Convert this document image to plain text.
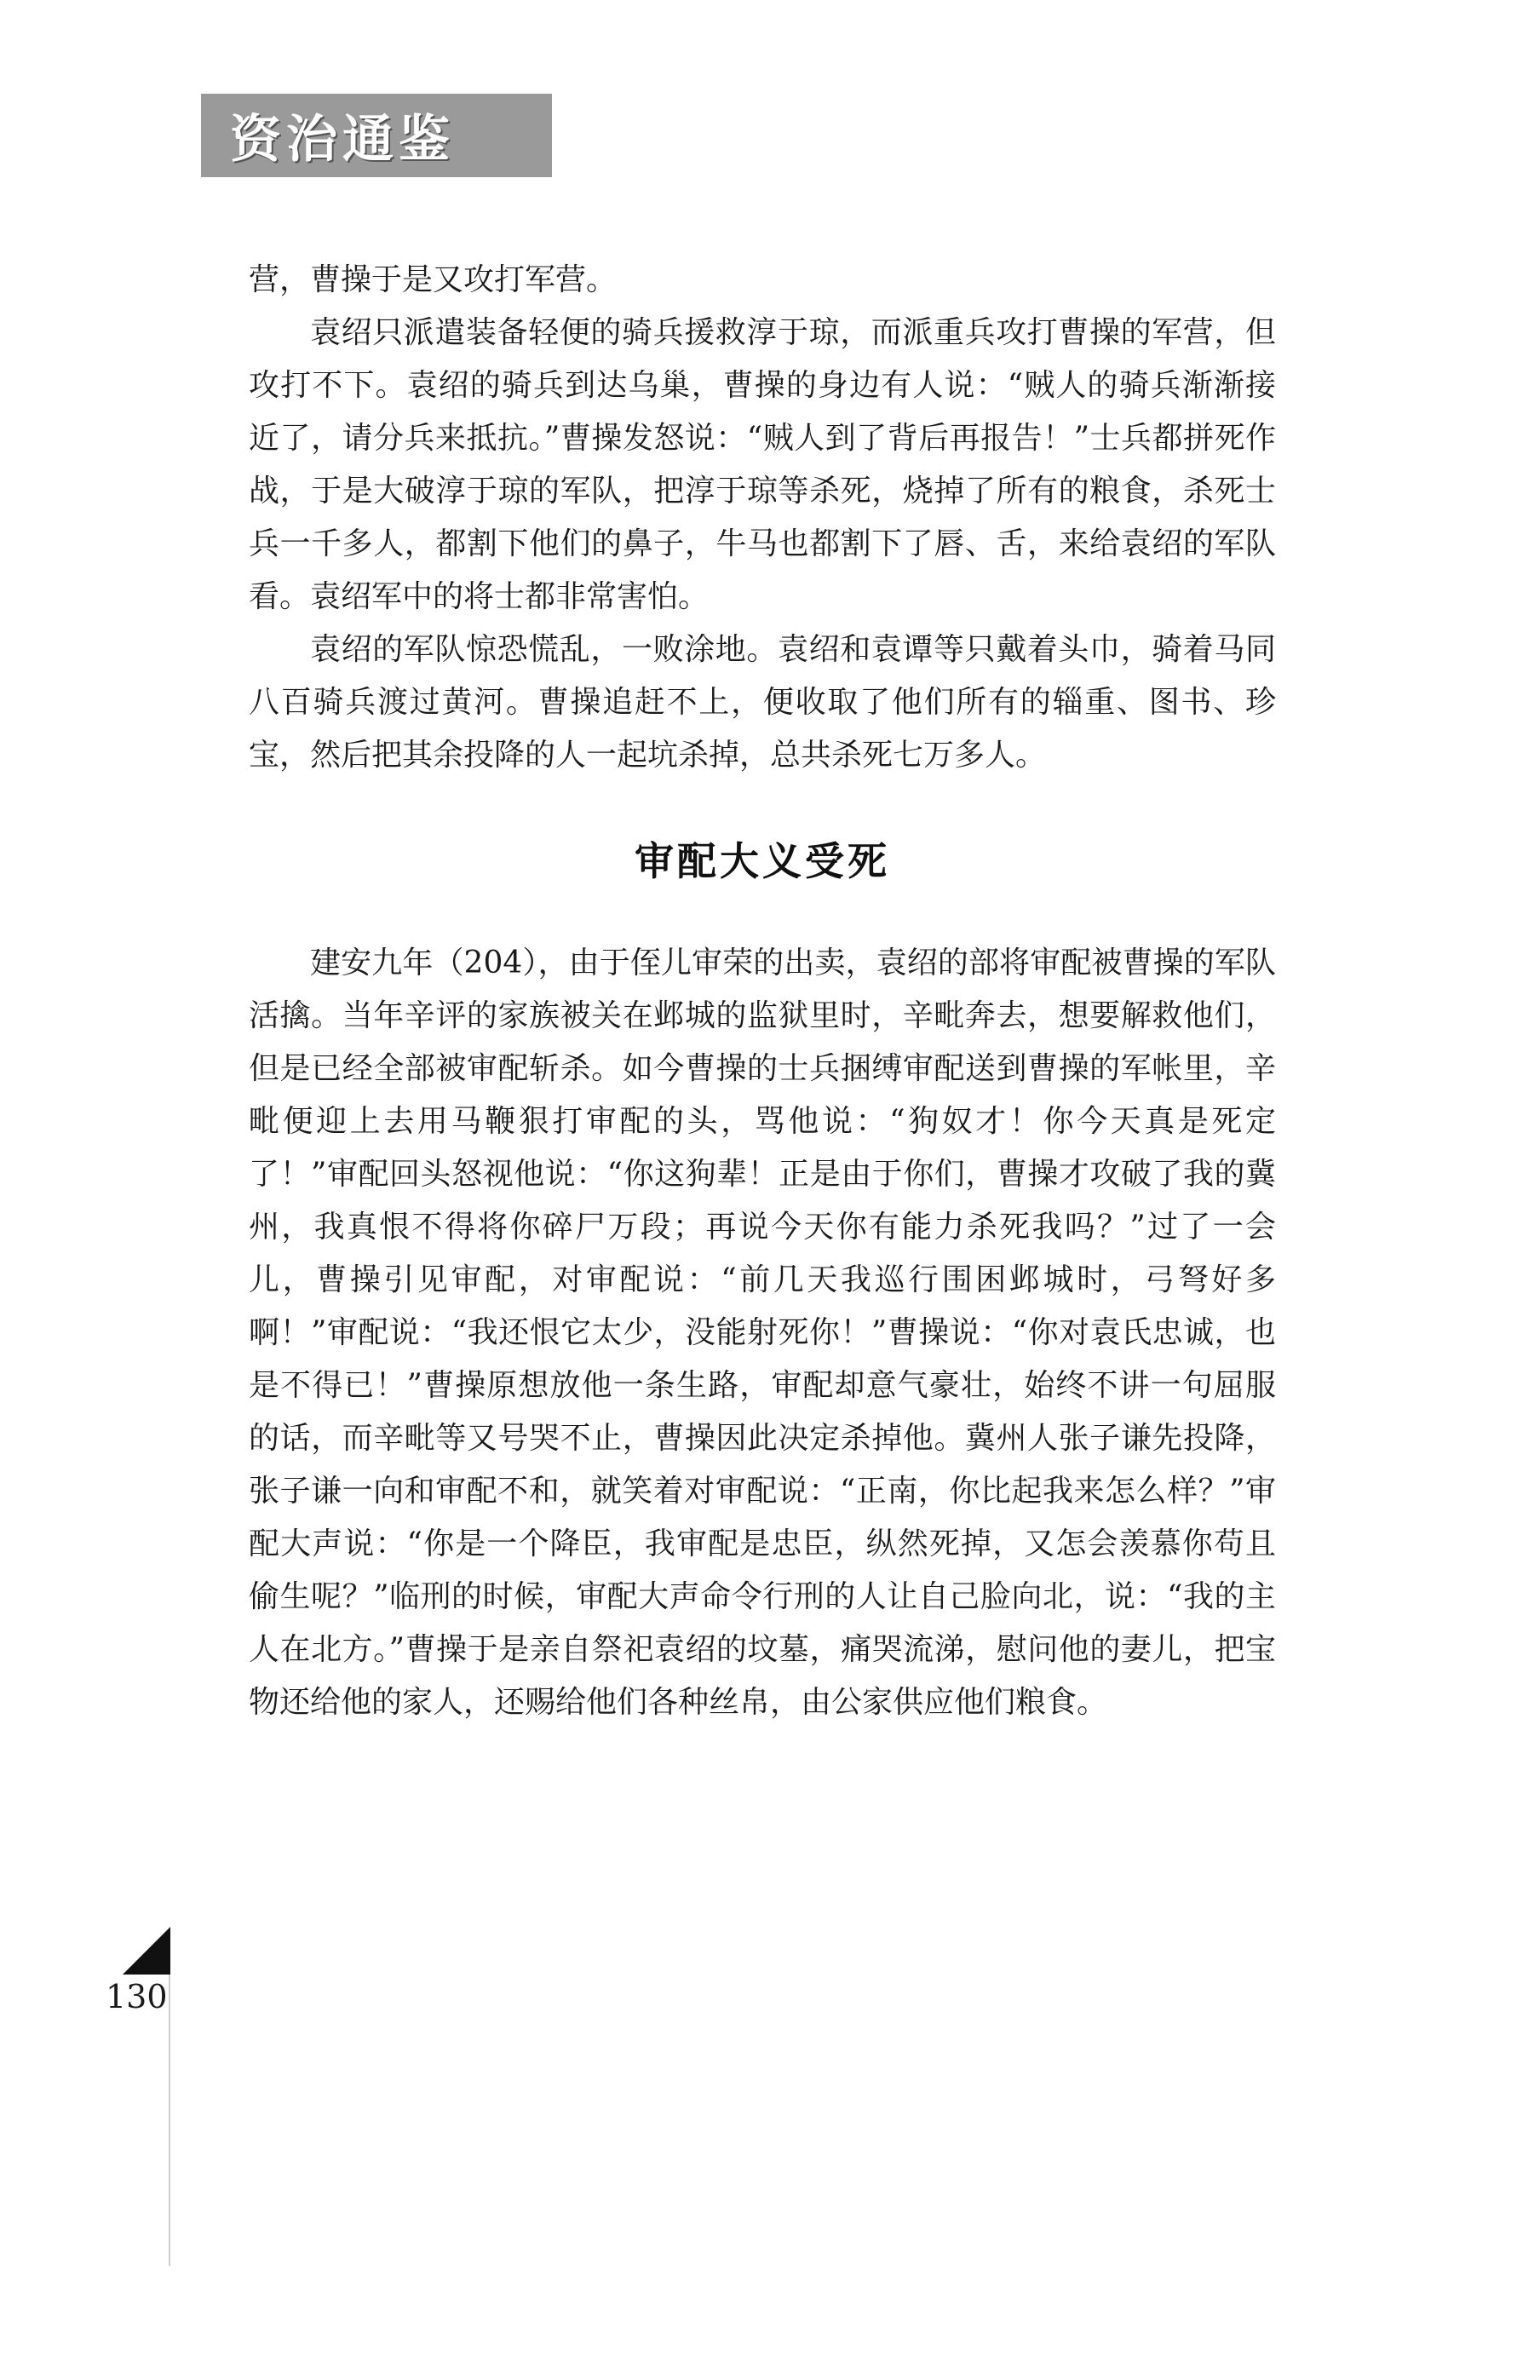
资治通鉴

营，曹操于是又攻打军营。

袁绍只派遣装备轻便的骑兵援救淳于琼，而派重兵攻打曹操的军营，但攻打不下。袁绍的骑兵到达乌巢，曹操的身边有人说：“贼人的骑兵渐渐接近了，请分兵来抵抗。”曹操发怒说：“贼人到了背后再报告！”士兵都拼死作战，于是大破淳于琼的军队，把淳于琼等杀死，烧掉了所有的粮食，杀死士兵一千多人，都割下他们的鼻子，牛马也都割下了唇、舌，来给袁绍的军队看。袁绍军中的将士都非常害怕。

袁绍的军队惊恐慌乱，一败涂地。袁绍和袁谭等只戴着头巾，骑着马同八百骑兵渡过黄河。曹操追赶不上，便收取了他们所有的辎重、图书、珍宝，然后把其余投降的人一起坑杀掉，总共杀死七万多人。

审配大义受死

建安九年（204），由于侄儿审荣的出卖，袁绍的部将审配被曹操的军队活擒。当年辛评的家族被关在邺城的监狱里时，辛毗奔去，想要解救他们，但是已经全部被审配斩杀。如今曹操的士兵捆缚审配送到曹操的军帐里，辛毗便迎上去用马鞭狠打审配的头，骂他说：“狗奴才！你今天真是死定了！”审配回头怒视他说：“你这狗辈！正是由于你们，曹操才攻破了我的冀州，我真恨不得将你碎尸万段；再说今天你有能力杀死我吗？”过了一会儿，曹操引见审配，对审配说：“前几天我巡行围困邺城时，弓弩好多啊！”审配说：“我还恨它太少，没能射死你！”曹操说：“你对袁氏忠诚，也是不得已！”曹操原想放他一条生路，审配却意气豪壮，始终不讲一句屈服的话，而辛毗等又号哭不止，曹操因此决定杀掉他。冀州人张子谦先投降，张子谦一向和审配不和，就笑着对审配说：“正南，你比起我来怎么样？”审配大声说：“你是一个降臣，我审配是忠臣，纵然死掉，又怎会羡慕你苟且偷生呢？”临刑的时候，审配大声命令行刑的人让自己脸向北，说：“我的主人在北方。”曹操于是亲自祭祀袁绍的坟墓，痛哭流涕，慰问他的妻儿，把宝物还给他的家人，还赐给他们各种丝帛，由公家供应他们粮食。

130
